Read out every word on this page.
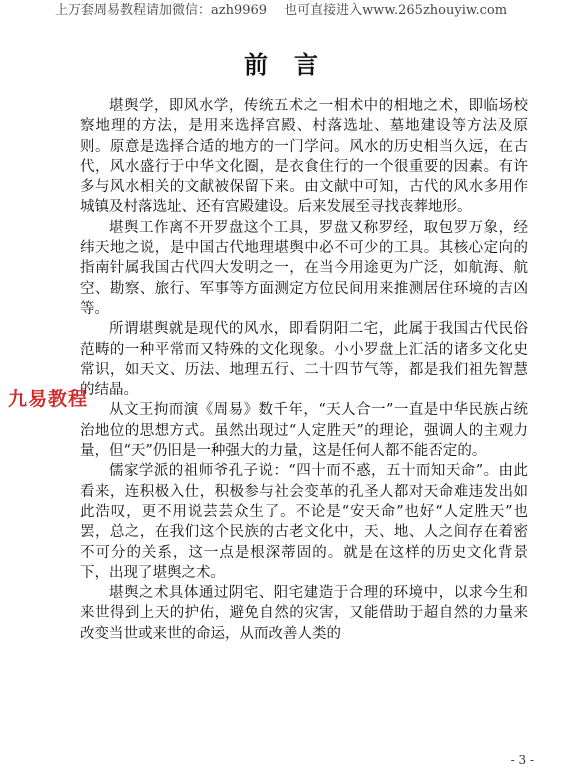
上万套周易教程请加微信：azh9969　 也可直接进入www.265zhouyiw.com
前言

堪舆学，即风水学，传统五术之一相术中的相地之术，即临场校察地理的方法，是用来选择宫殿、村落选址、墓地建设等方法及原则。原意是选择合适的地方的一门学问。风水的历史相当久远，在古代，风水盛行于中华文化圈，是衣食住行的一个很重要的因素。有许多与风水相关的文献被保留下来。由文献中可知，古代的风水多用作城镇及村落选址、还有宫殿建设。后来发展至寻找丧葬地形。

堪舆工作离不开罗盘这个工具，罗盘又称罗经，取包罗万象，经纬天地之说，是中国古代地理堪舆中必不可少的工具。其核心定向的指南针属我国古代四大发明之一，在当今用途更为广泛，如航海、航空、勘察、旅行、军事等方面测定方位民间用来推测居住环境的吉凶等。

所谓堪舆就是现代的风水，即看阴阳二宅，此属于我国古代民俗范畴的一种平常而又特殊的文化现象。小小罗盘上汇活的诸多文化史常识，如天文、历法、地理五行、二十四节气等，都是我们祖先智慧的结晶。

从文王拘而演《周易》数千年，“天人合一”一直是中华民族占统治地位的思想方式。虽然出现过“人定胜天”的理论，强调人的主观力量，但“天”仍旧是一种强大的力量，这是任何人都不能否定的。

儒家学派的祖师爷孔子说：“四十而不惑，五十而知天命”。由此看来，连积极入仕，积极参与社会变革的孔圣人都对天命难违发出如此浩叹，更不用说芸芸众生了。不论是“安天命”也好“人定胜天”也罢，总之，在我们这个民族的古老文化中，天、地、人之间存在着密不可分的关系，这一点是根深蒂固的。就是在这样的历史文化背景下，出现了堪舆之术。

堪舆之术具体通过阴宅、阳宅建造于合理的环境中，以求今生和来世得到上天的护佑，避免自然的灾害，又能借助于超自然的力量来改变当世或来世的命运，从而改善人类的

九易教程
- 3 -
